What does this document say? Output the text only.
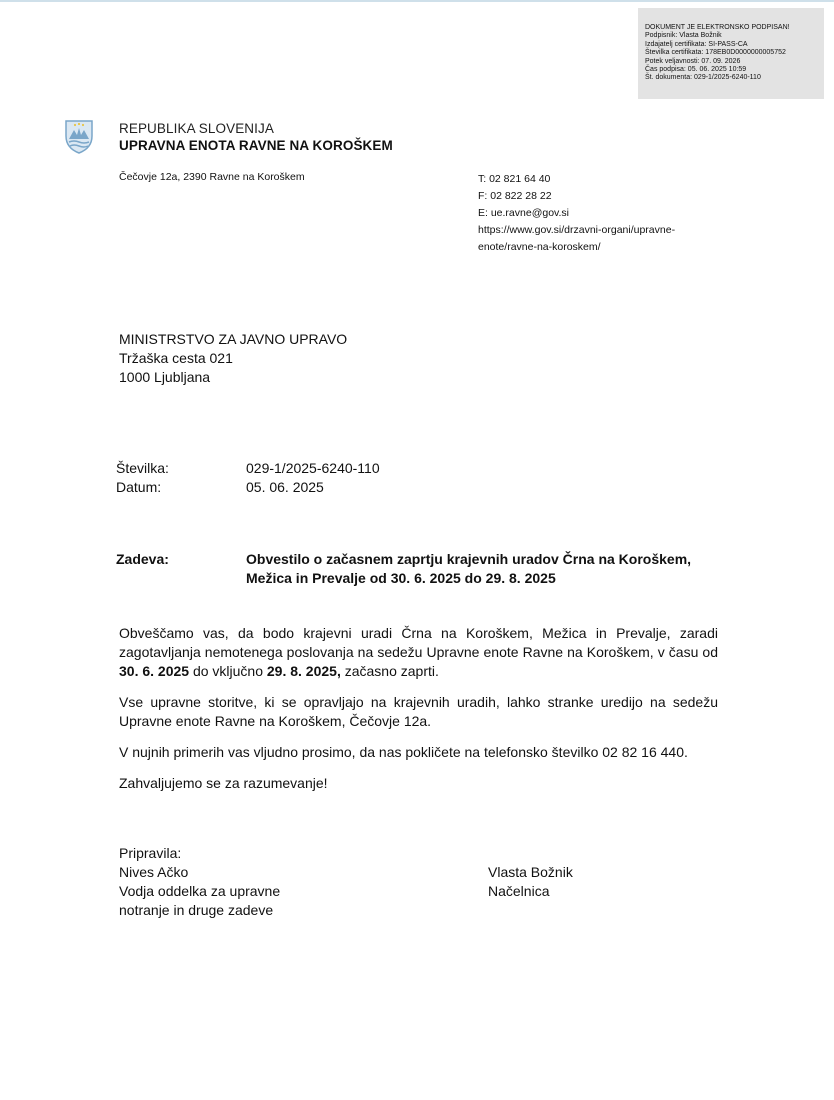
DOKUMENT JE ELEKTRONSKO PODPISAN!
Podpisnik: Vlasta Božnik
Izdajatelj certifikata: SI-PASS-CA
Številka certifikata: 178EB0D0000000005752
Potek veljavnosti: 07. 09. 2026
Čas podpisa: 05. 06. 2025 10:59
Št. dokumenta: 029-1/2025-6240-110
REPUBLIKA SLOVENIJA
UPRAVNA ENOTA RAVNE NA KOROŠKEM
Čečovje 12a, 2390 Ravne na Koroškem	T: 02 821 64 40
F: 02 822 28 22
E: ue.ravne@gov.si
https://www.gov.si/drzavni-organi/upravne-
enote/ravne-na-koroskem/
MINISTRSTVO ZA JAVNO UPRAVO
Tržaška cesta 021
1000 Ljubljana
Številka:	029-1/2025-6240-110
Datum:	05. 06. 2025
Zadeva:	Obvestilo o začasnem zaprtju krajevnih uradov Črna na Koroškem,
Mežica in Prevalje od 30. 6. 2025 do 29. 8. 2025

Obveščamo vas, da bodo krajevni uradi Črna na Koroškem, Mežica in Prevalje, zaradi zagotavljanja nemotenega poslovanja na sedežu Upravne enote Ravne na Koroškem, v času od 30. 6. 2025 do vključno 29. 8. 2025, začasno zaprti.

Vse upravne storitve, ki se opravljajo na krajevnih uradih, lahko stranke uredijo na sedežu Upravne enote Ravne na Koroškem, Čečovje 12a.

V nujnih primerih vas vljudno prosimo, da nas pokličete na telefonsko številko 02 82 16 440.

Zahvaljujemo se za razumevanje!

Pripravila:
Nives Ačko
Vodja oddelka za upravne
notranje in druge zadeve
Vlasta Božnik
Načelnica
